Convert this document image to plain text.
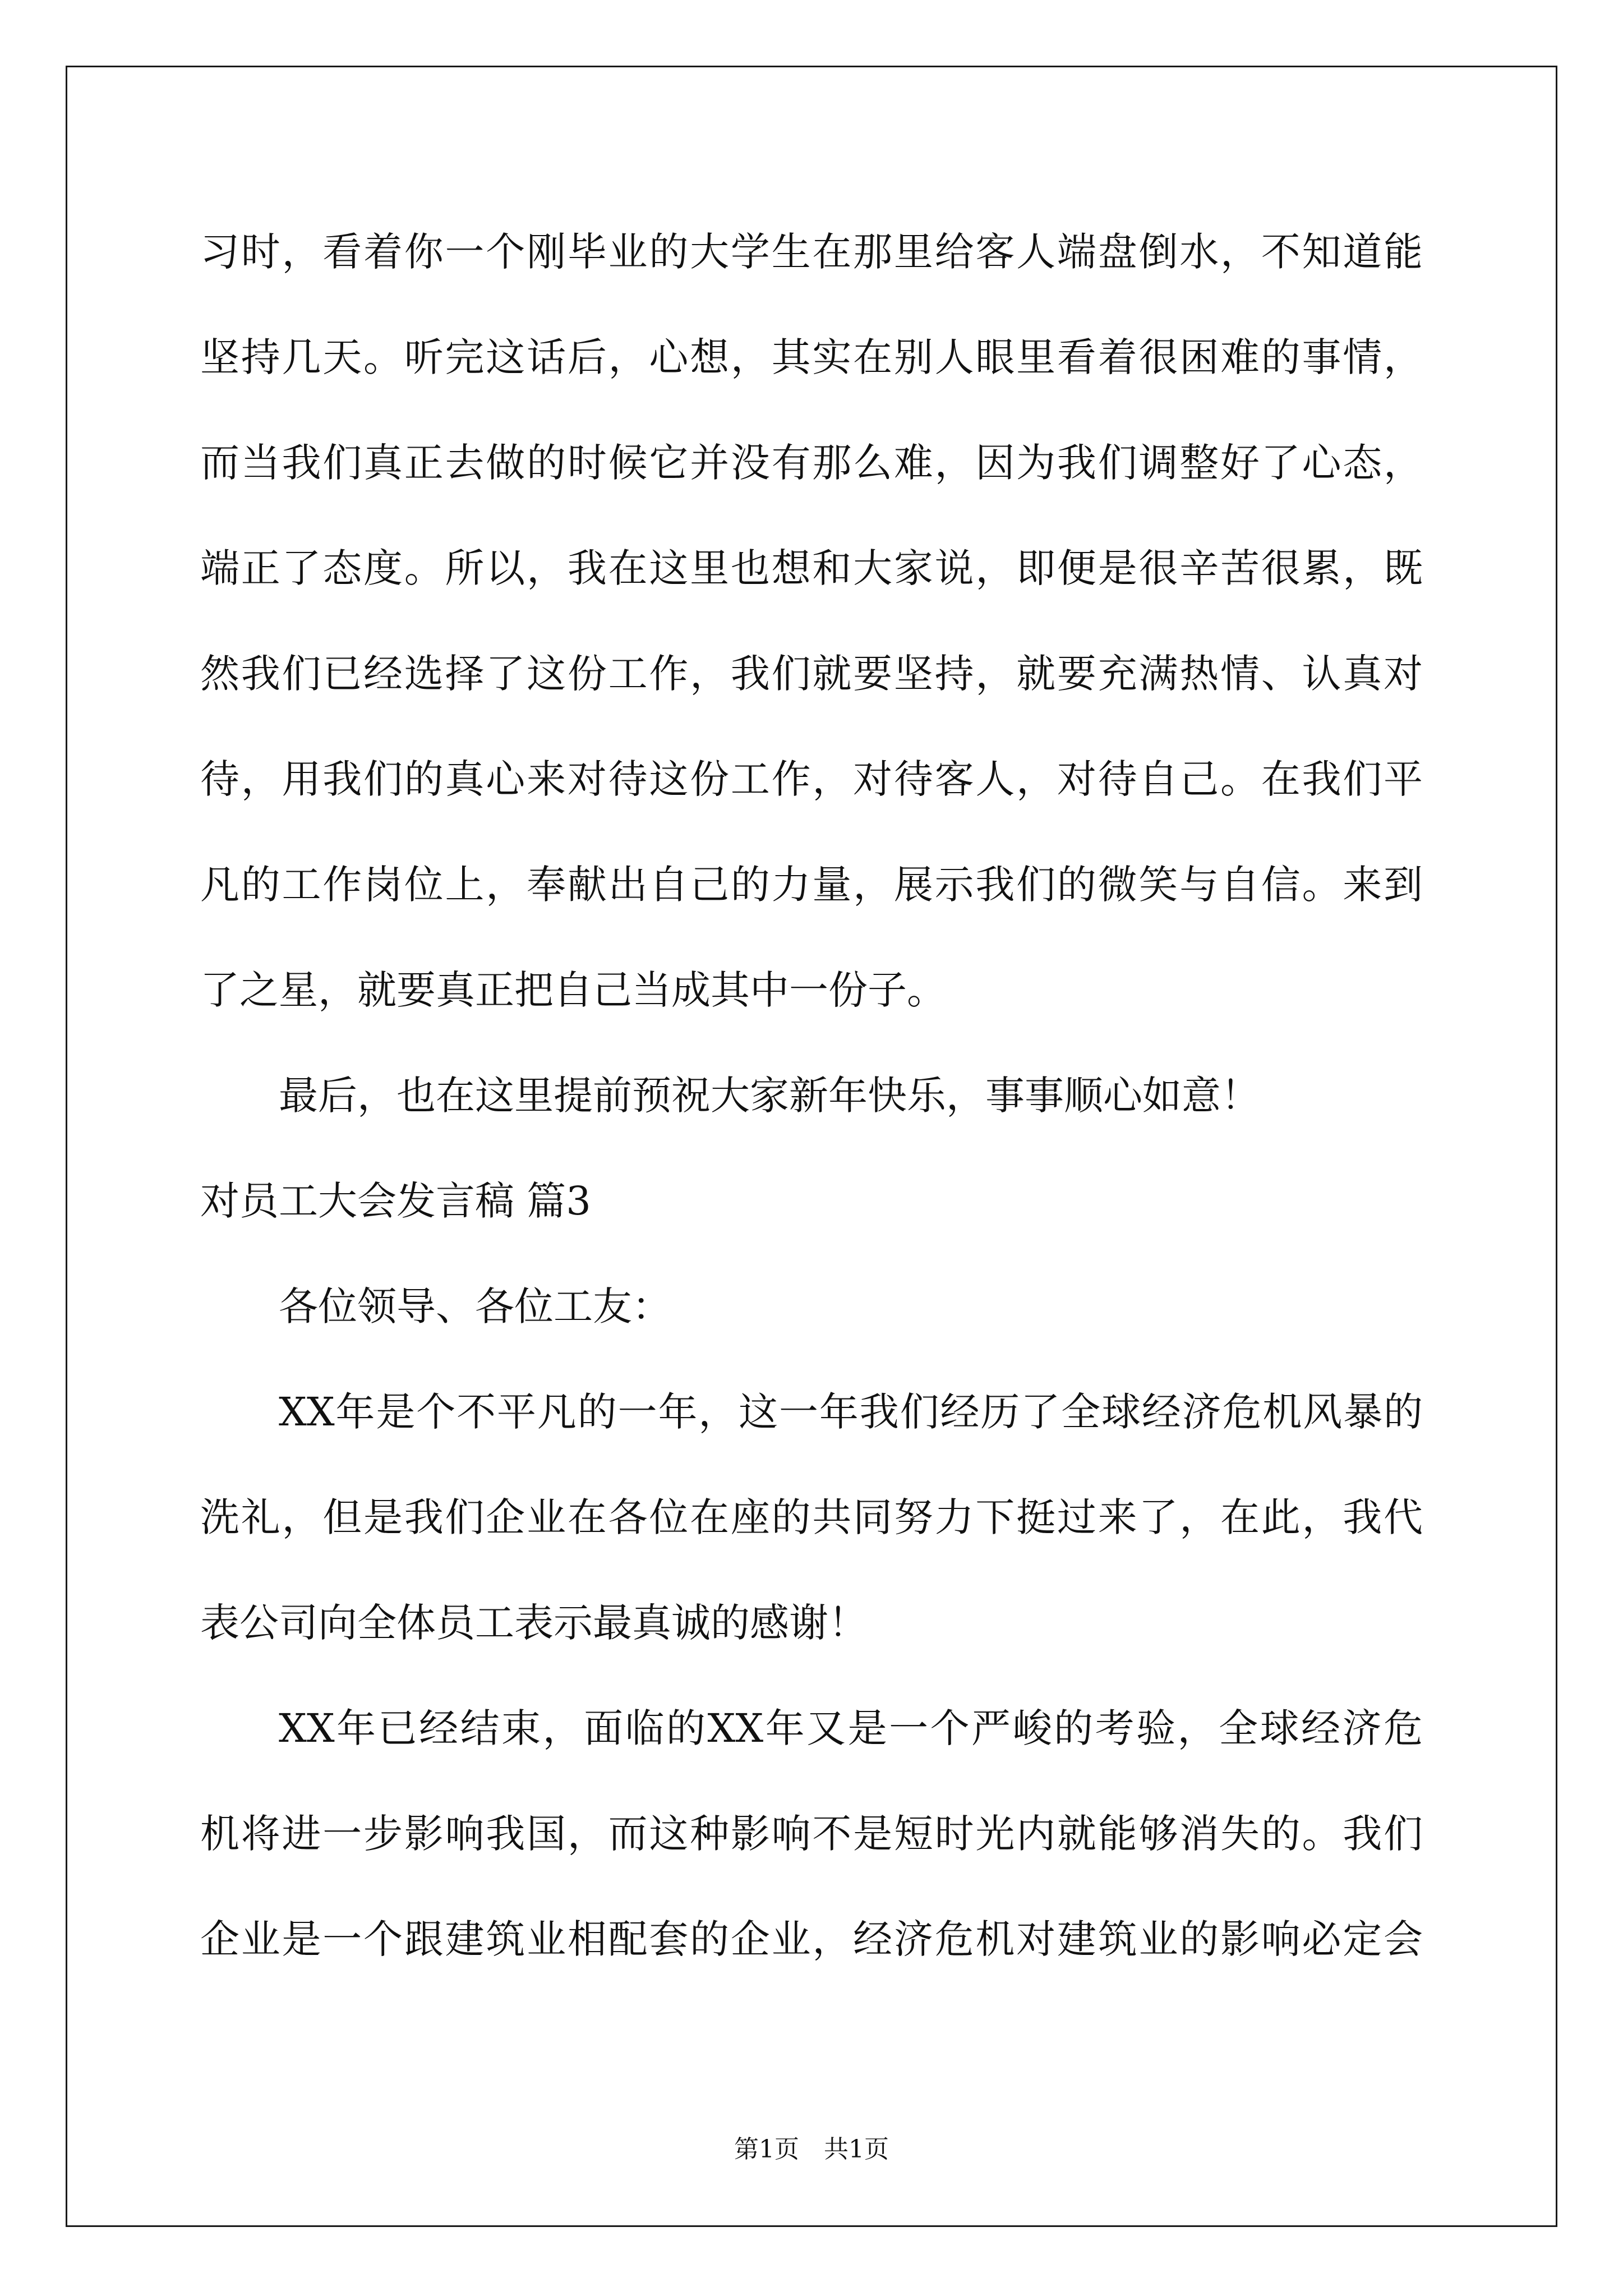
习时，看着你一个刚毕业的大学生在那里给客人端盘倒水，不知道能
坚持几天。听完这话后，心想，其实在别人眼里看着很困难的事情，
而当我们真正去做的时候它并没有那么难，因为我们调整好了心态，
端正了态度。所以，我在这里也想和大家说，即便是很辛苦很累，既
然我们已经选择了这份工作，我们就要坚持，就要充满热情、认真对
待，用我们的真心来对待这份工作，对待客人，对待自己。在我们平
凡的工作岗位上，奉献出自己的力量，展示我们的微笑与自信。来到
了之星，就要真正把自己当成其中一份子。
最后，也在这里提前预祝大家新年快乐，事事顺心如意！
对员工大会发言稿 篇3
各位领导、各位工友：
XX年是个不平凡的一年，这一年我们经历了全球经济危机风暴的
洗礼，但是我们企业在各位在座的共同努力下挺过来了，在此，我代
表公司向全体员工表示最真诚的感谢！
XX年已经结束，面临的XX年又是一个严峻的考验，全球经济危
机将进一步影响我国，而这种影响不是短时光内就能够消失的。我们
企业是一个跟建筑业相配套的企业，经济危机对建筑业的影响必定会
第1页　共1页
